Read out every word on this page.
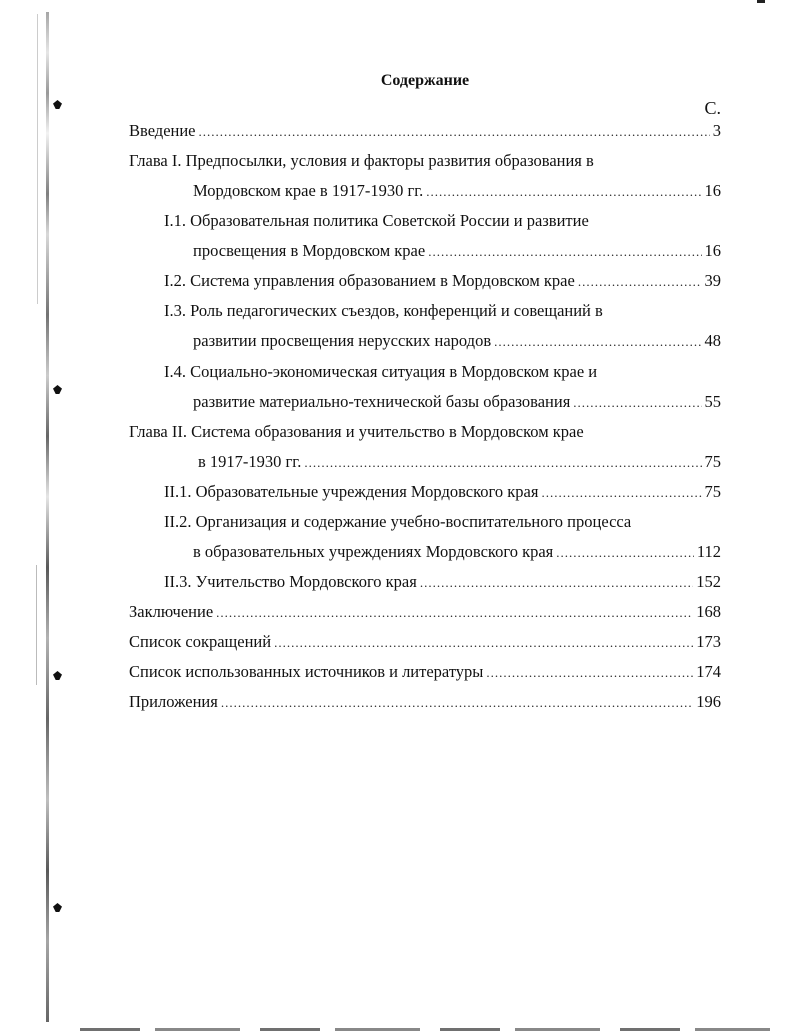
Содержание
С.
Введение .....	3
Глава I. Предпосылки, условия и факторы развития образования в
Мордовском крае в 1917-1930 гг. .....	16
I.1. Образовательная политика Советской России и развитие
просвещения в Мордовском крае .....	16
I.2. Система управления образованием в Мордовском крае .....	39
I.3. Роль педагогических съездов, конференций и совещаний в
развитии просвещения нерусских народов .....	48
I.4. Социально-экономическая ситуация в Мордовском крае и
развитие материально-технической базы образования .....	55
Глава II. Система образования и учительство в Мордовском крае
в 1917-1930 гг. .....	75
II.1. Образовательные учреждения Мордовского края .....	75
II.2. Организация и содержание учебно-воспитательного процесса
в образовательных учреждениях Мордовского края .....	112
II.3. Учительство Мордовского края .....	152
Заключение .....	168
Список сокращений .....	173
Список использованных источников и литературы .....	174
Приложения .....	196
